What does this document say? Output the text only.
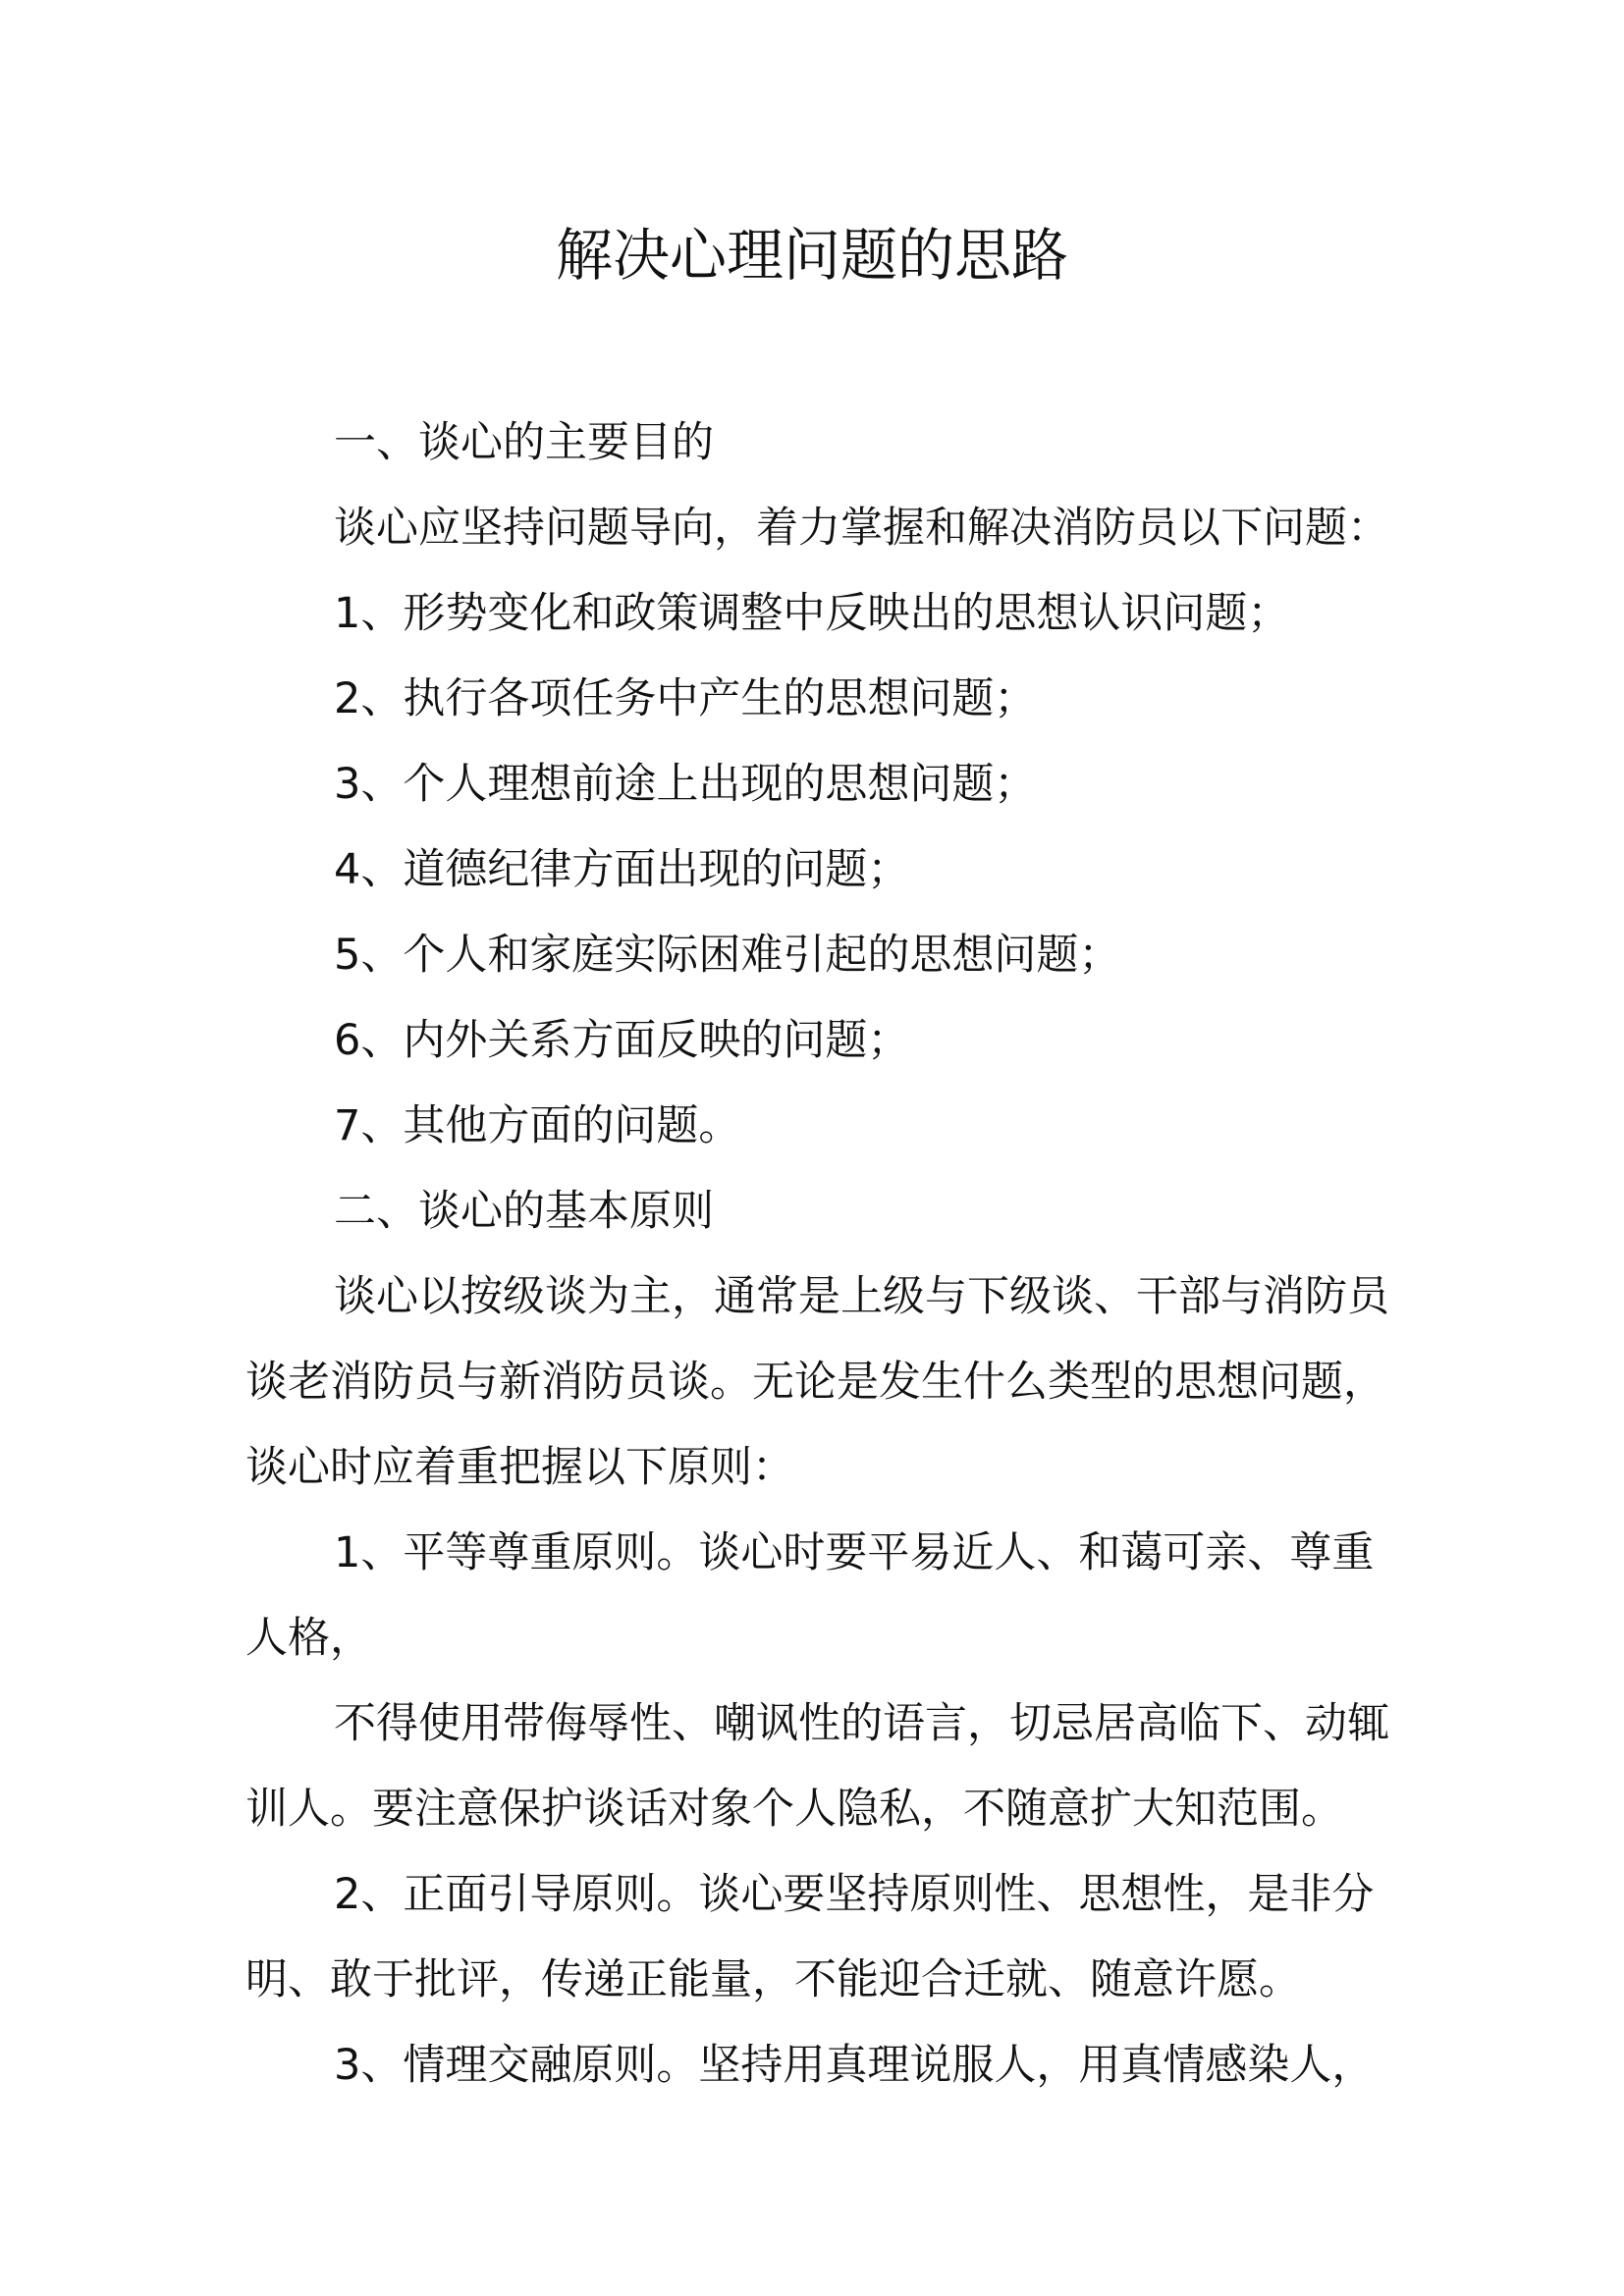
解决心理问题的思路

一、谈心的主要目的

谈心应坚持问题导向，着力掌握和解决消防员以下问题：

1、形势变化和政策调整中反映出的思想认识问题；

2、执行各项任务中产生的思想问题；

3、个人理想前途上出现的思想问题；

4、道德纪律方面出现的问题；

5、个人和家庭实际困难引起的思想问题；

6、内外关系方面反映的问题；

7、其他方面的问题。

二、谈心的基本原则

谈心以按级谈为主，通常是上级与下级谈、干部与消防员谈老消防员与新消防员谈。无论是发生什么类型的思想问题，谈心时应着重把握以下原则：

1、平等尊重原则。谈心时要平易近人、和蔼可亲、尊重人格，

不得使用带侮辱性、嘲讽性的语言，切忌居高临下、动辄训人。要注意保护谈话对象个人隐私，不随意扩大知范围。

2、正面引导原则。谈心要坚持原则性、思想性，是非分明、敢于批评，传递正能量，不能迎合迁就、随意许愿。

3、情理交融原则。坚持用真理说服人，用真情感染人，
